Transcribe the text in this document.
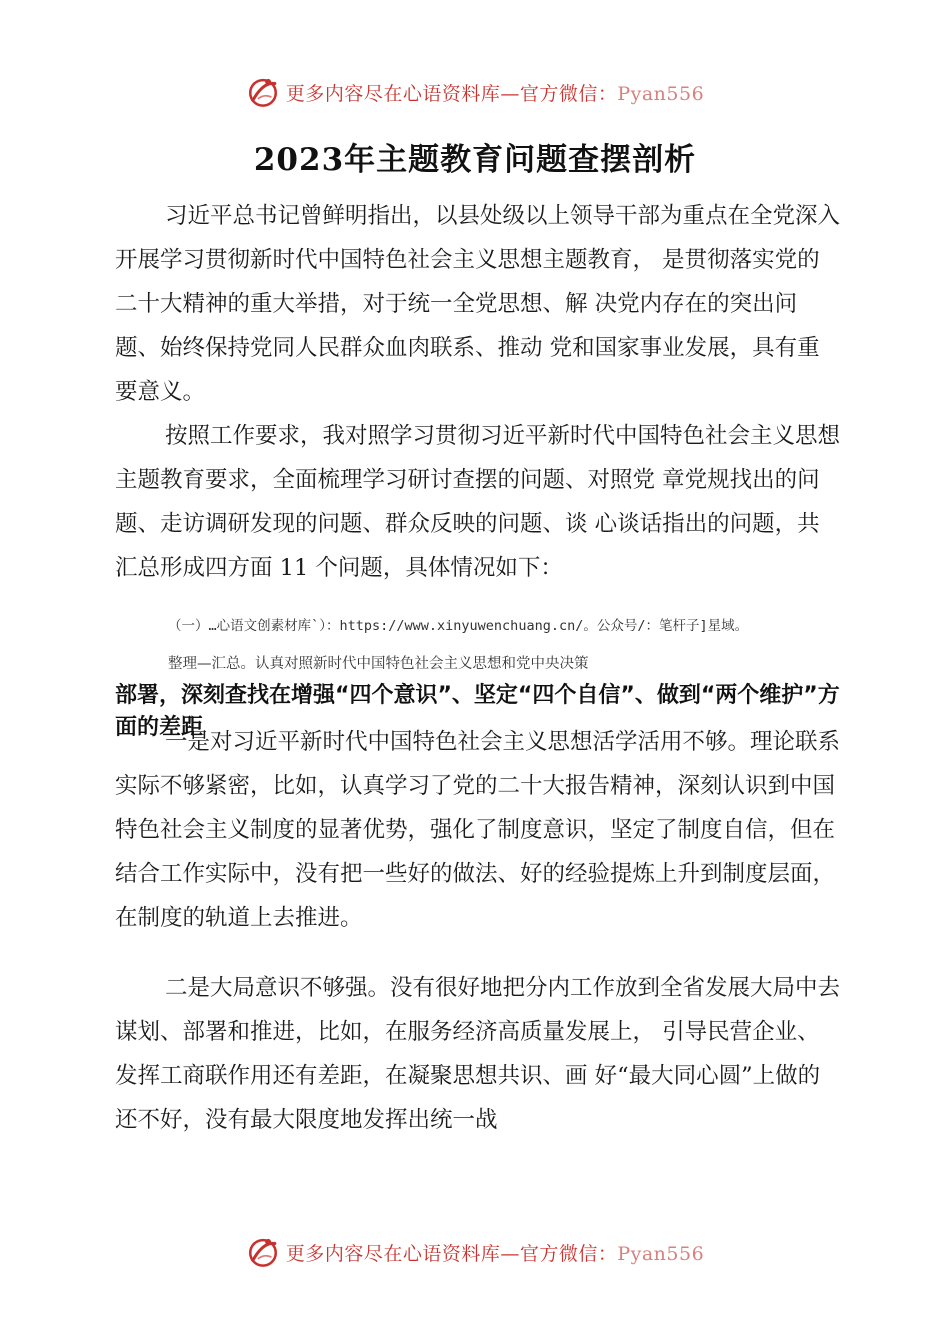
更多内容尽在心语资料库—官方微信：Pyan556
2023年主题教育问题查摆剖析

习近平总书记曾鲜明指出，以县处级以上领导干部为重点在全党深入开展学习贯彻新时代中国特色社会主义思想主题教育， 是贯彻落实党的二十大精神的重大举措，对于统一全党思想、解 决党内存在的突出问题、始终保持党同人民群众血肉联系、推动 党和国家事业发展，具有重要意义。

按照工作要求，我对照学习贯彻习近平新时代中国特色社会主义思想主题教育要求，全面梳理学习研讨查摆的问题、对照党 章党规找出的问题、走访调研发现的问题、群众反映的问题、谈 心谈话指出的问题，共汇总形成四方面 11 个问题，具体情况如下：

（一）…心语文创素材库`）：https://www.xinyuwenchuang.cn/。公众号/：笔杆子]星域。
整理—汇总。认真对照新时代中国特色社会主义思想和党中央决策
部署，深刻查找在增强“四个意识”、坚定“四个自信”、做到“两个维护”方面的差距

一是对习近平新时代中国特色社会主义思想活学活用不够。理论联系实际不够紧密，比如，认真学习了党的二十大报告精神，深刻认识到中国特色社会主义制度的显著优势，强化了制度意识，坚定了制度自信，但在结合工作实际中，没有把一些好的做法、好的经验提炼上升到制度层面，在制度的轨道上去推进。

二是大局意识不够强。没有很好地把分内工作放到全省发展大局中去谋划、部署和推进，比如，在服务经济高质量发展上， 引导民营企业、发挥工商联作用还有差距，在凝聚思想共识、画 好“最大同心圆”上做的还不好，没有最大限度地发挥出统一战

更多内容尽在心语资料库—官方微信：Pyan556
